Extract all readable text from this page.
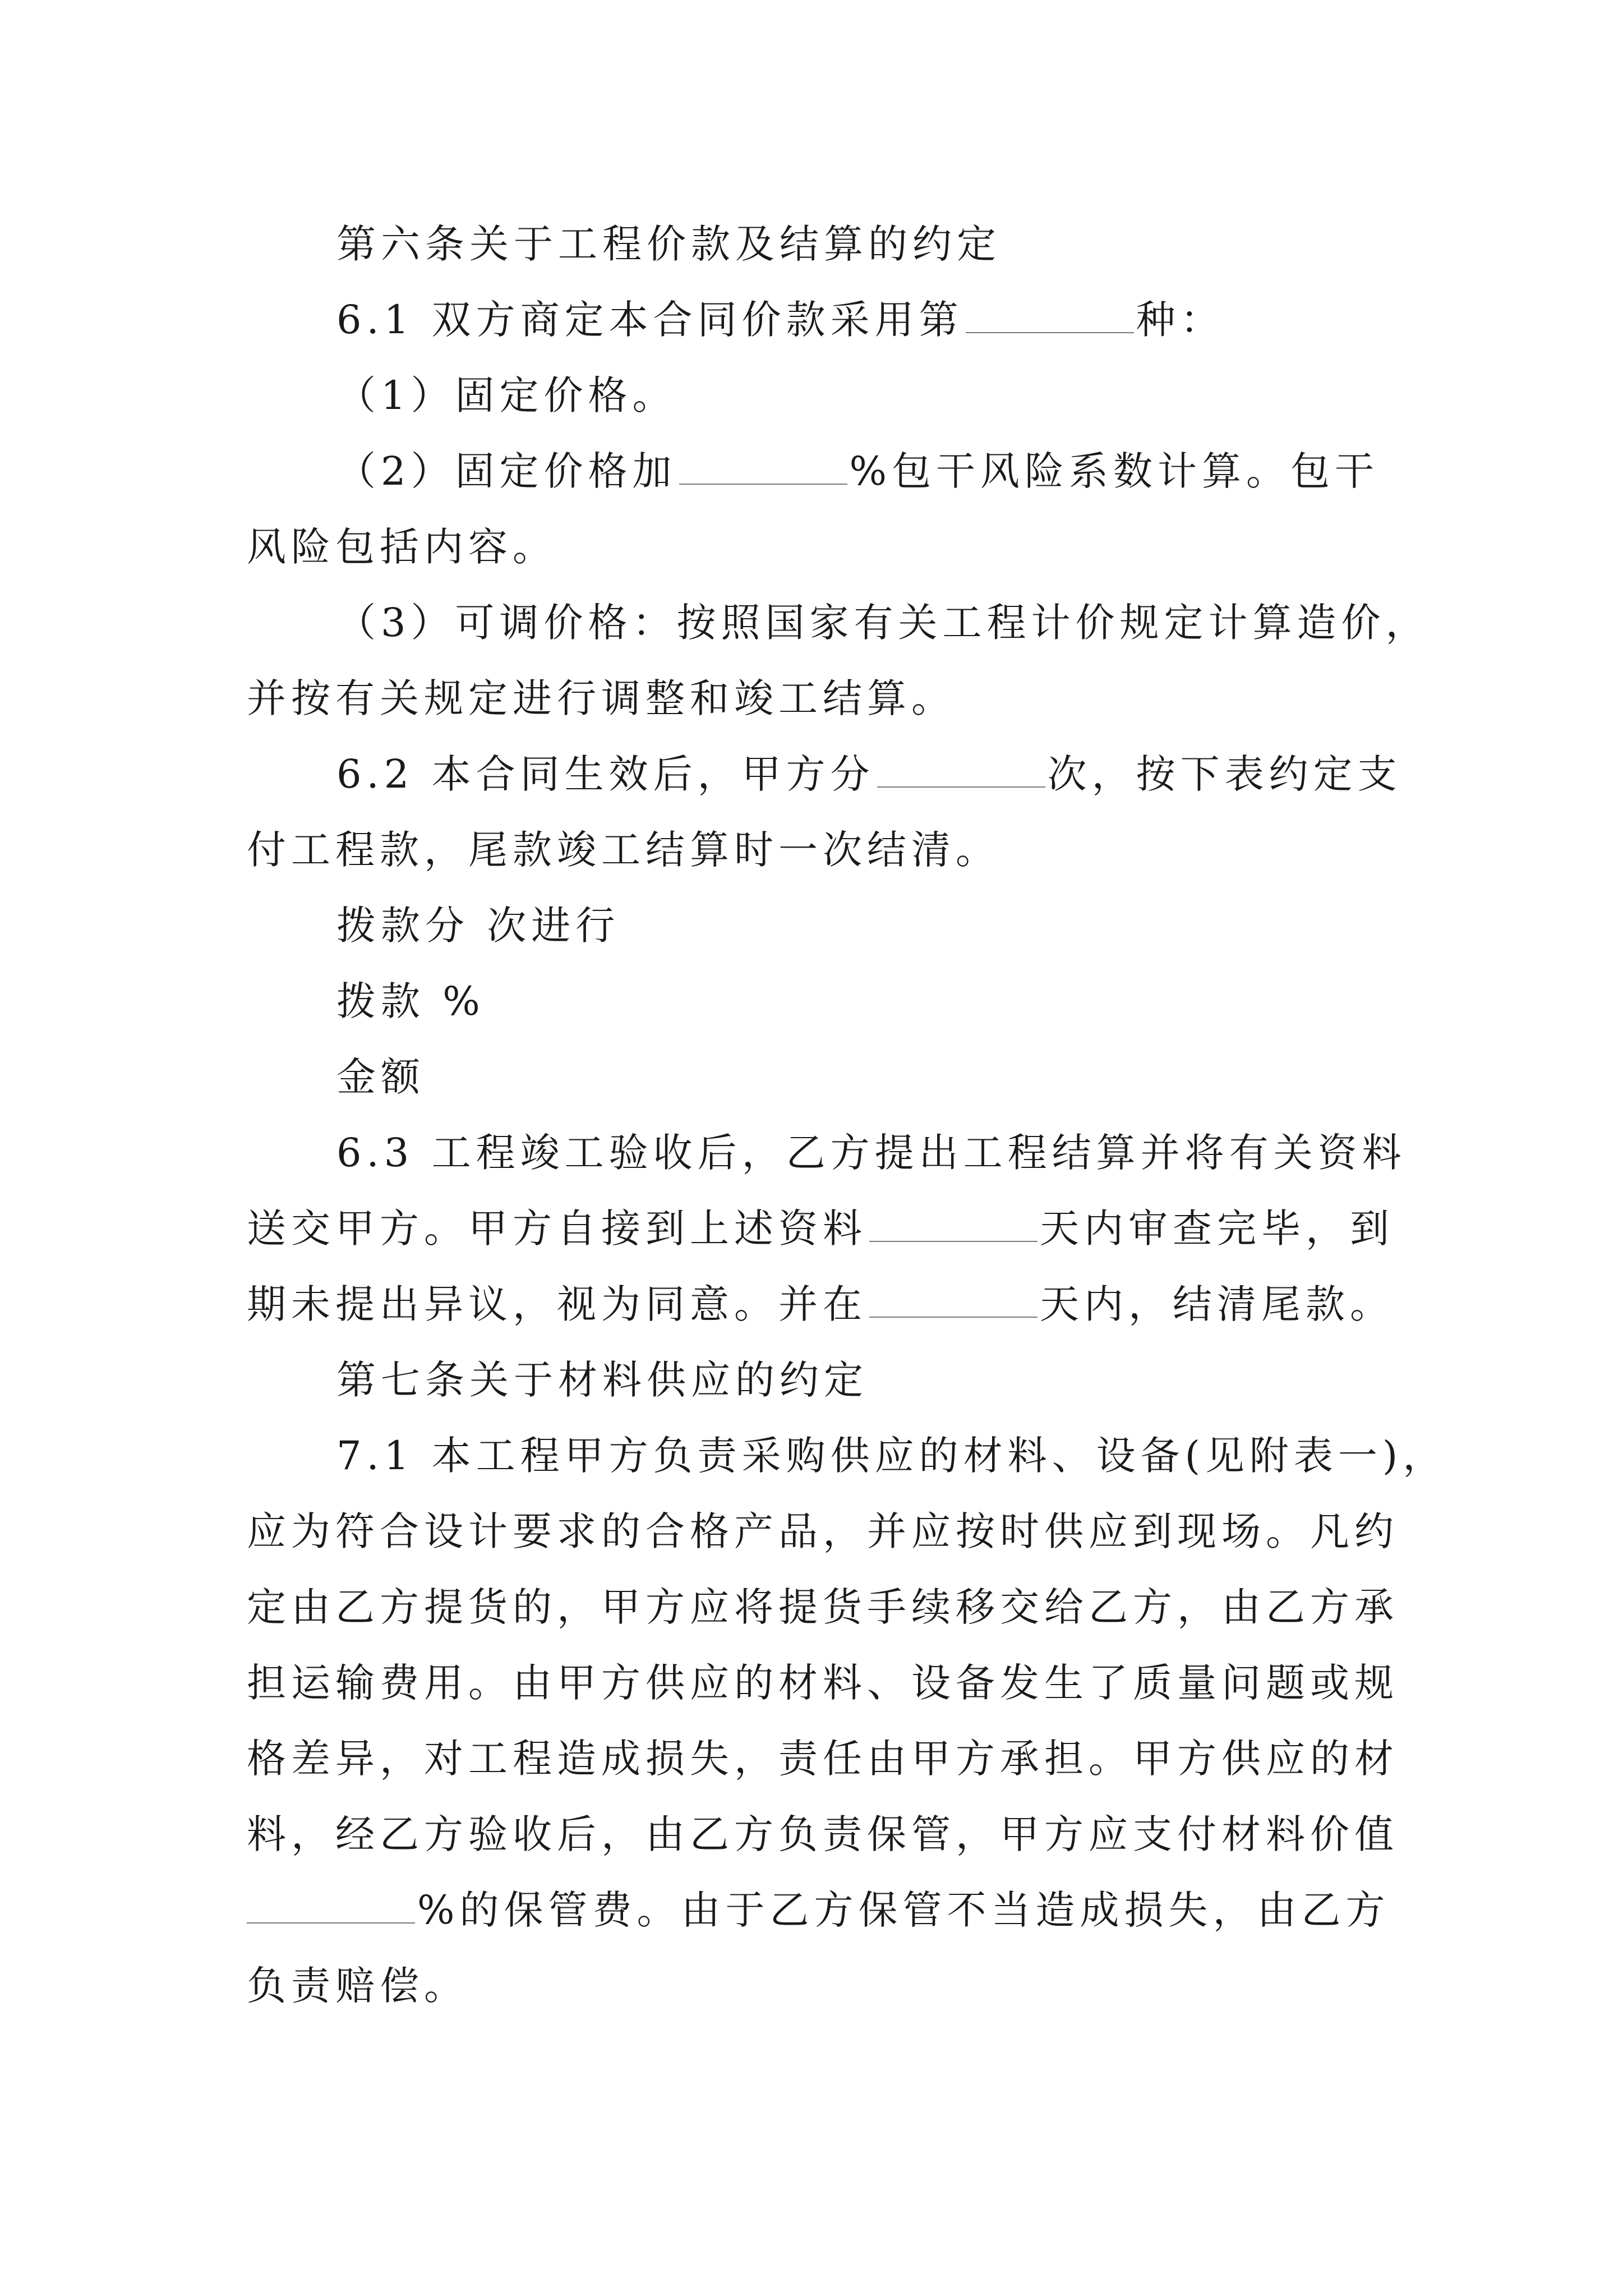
第六条关于工程价款及结算的约定
6.1 双方商定本合同价款采用第	种：
（1）固定价格。
（2）固定价格加	%包干风险系数计算。包干
风险包括内容。
（3）可调价格：按照国家有关工程计价规定计算造价，
并按有关规定进行调整和竣工结算。
6.2 本合同生效后，甲方分	次，按下表约定支
付工程款，尾款竣工结算时一次结清。
拨款分 次进行
拨款 %
金额
6.3 工程竣工验收后，乙方提出工程结算并将有关资料
送交甲方。甲方自接到上述资料	天内审查完毕，到
期未提出异议，视为同意。并在	天内，结清尾款。
第七条关于材料供应的约定
7.1 本工程甲方负责采购供应的材料、设备(见附表一)，
应为符合设计要求的合格产品，并应按时供应到现场。凡约
定由乙方提货的，甲方应将提货手续移交给乙方，由乙方承
担运输费用。由甲方供应的材料、设备发生了质量问题或规
格差异，对工程造成损失，责任由甲方承担。甲方供应的材
料，经乙方验收后，由乙方负责保管，甲方应支付材料价值
%的保管费。由于乙方保管不当造成损失，由乙方
负责赔偿。
